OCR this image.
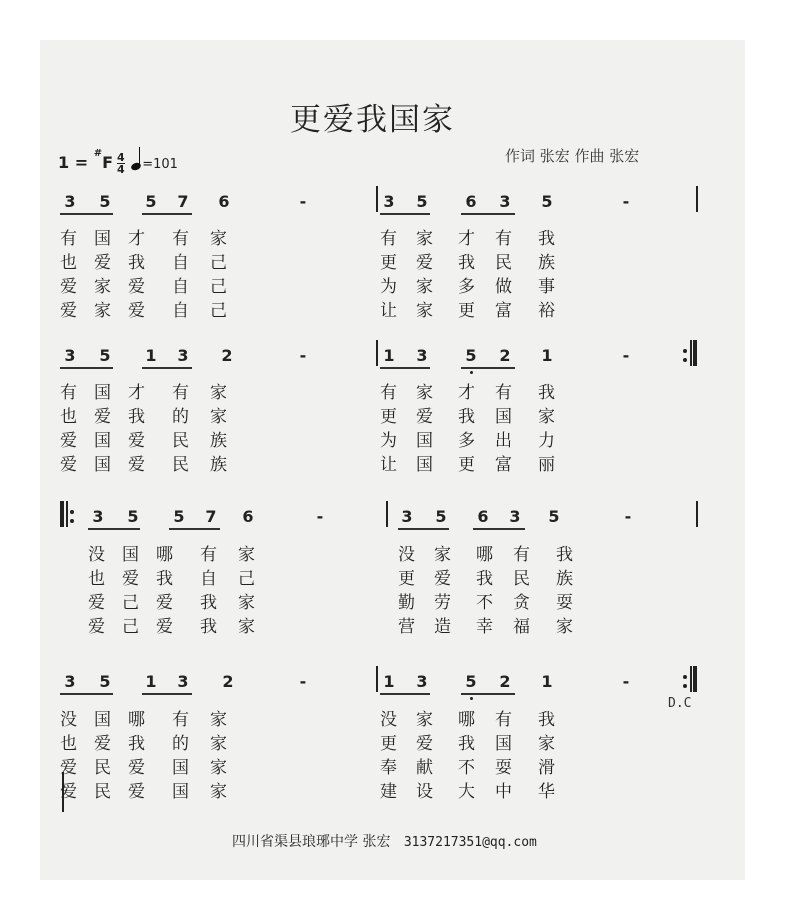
更爱我国家
作词 张宏 作曲 张宏
$1 = ^{\#}F \frac{4}{4} =101$
3 5 5 7 6	-	3 5 6 3 5	-
有 国 才 有 家	有 家 才 有 我
也 爱 我 自 己	更 爱 我 民 族
爱 家 爱 自 己	为 家 多 做 事
爱 家 爱 自 己	让 家 更 富 裕
3 5 1 3 2	-	1 3 5 2 1	-
有 国 才 有 家	有 家 才 有 我
也 爱 我 的 家	更 爱 我 国 家
爱 国 爱 民 族	为 国 多 出 力
爱 国 爱 民 族	让 国 更 富 丽
3 5 5 7 6	-	3 5 6 3 5	-
没 国 哪 有 家	没 家 哪 有 我
也 爱 我 自 己	更 爱 我 民 族
爱 己 爱 我 家	勤 劳 不 贪 耍
爱 己 爱 我 家	营 造 幸 福 家
3 5 1 3 2	-	1 3 5 2 1	-
没 国 哪 有 家	没 家 哪 有 我
也 爱 我 的 家	更 爱 我 国 家
爱 民 爱 国 家	奉 献 不 耍 滑
爱 民 爱 国 家	建 设 大 中 华
D.C
四川省渠县琅琊中学 张宏 3137217351@qq.com
